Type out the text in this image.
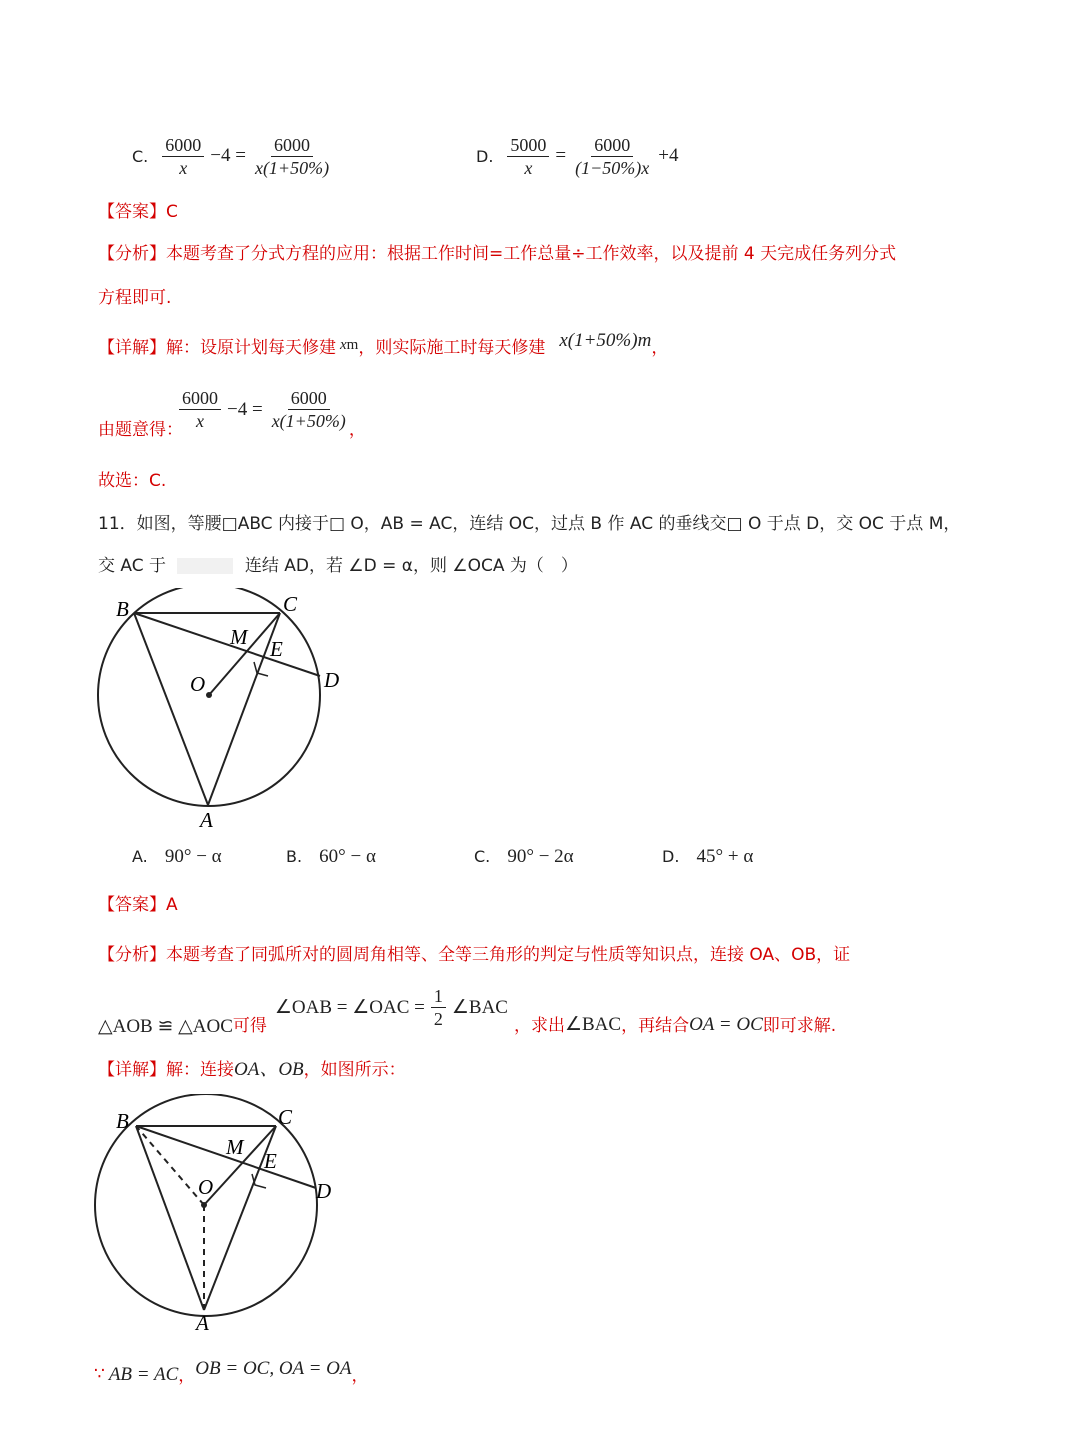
C. $\frac{6000}{x} -4 = \frac{6000}{x(1+50\%)}$	D. $\frac{5000}{x} = \frac{6000}{(1-50\%)x} +4$
【答案】C
【分析】本题考查了分式方程的应用：根据工作时间=工作总量÷工作效率，以及提前 4 天完成任务列分式
方程即可.
【详解】解：设原计划每天修建 x m ，则实际施工时每天修建 x(1+50%)m ，
由题意得：
$\frac{6000}{x} -4 = \frac{6000}{x(1+50\%)}$ ，
故选：C.
11．如图，等腰□ABC 内接于□ O，AB = AC，连结 OC，过点 B 作 AC 的垂线交□ O 于点 D，交 OC 于点 M，
交 AC 于	连结 AD，若 ∠D = α，则 ∠OCA 为（　）
B	C
M E
O	D
A
A. 90° − α	B. 60° − α	C. 90° − 2α	D. 45° + α
【答案】A
【分析】本题考查了同弧所对的圆周角相等、全等三角形的判定与性质等知识点，连接 OA、OB，证
△AOB ≌ △AOC 可得
∠OAB = ∠OAC = $\frac{1}{2}$ ∠BAC
，求出 ∠BAC ，再结合 OA = OC 即可求解.
【详解】解：连接OA、OB，如图所示：
B	C
M
E
O	D
A
∵ AB = AC ， OB = OC, OA = OA ，
